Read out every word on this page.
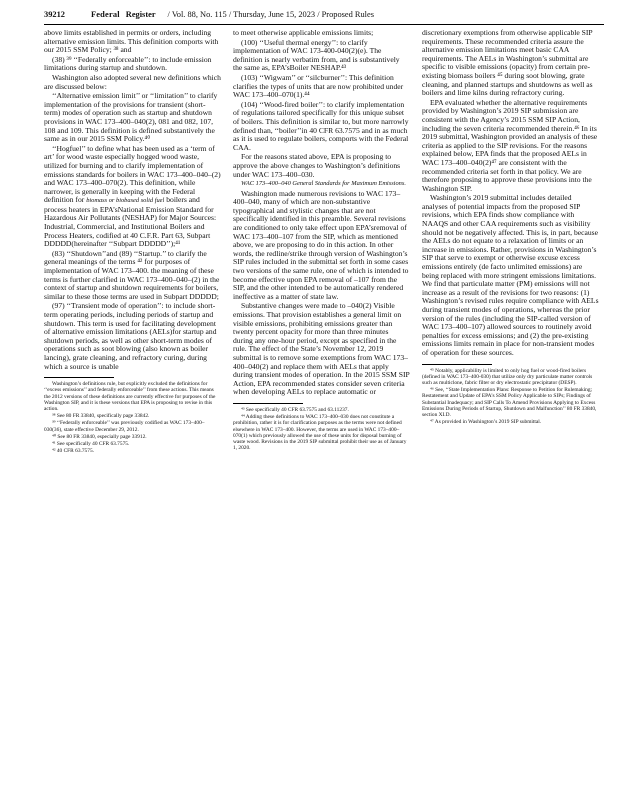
39212	Federal Register / Vol. 88, No. 115 / Thursday, June 15, 2023 / Proposed Rules

above limits established in permits or orders, including alternative emission limits. This definition comports with our 2015 SSM Policy; ³⁸ and

(38) ³⁹ ‘‘Federally enforceable’’: to include emission limitations during startup and shutdown.

Washington also adopted several new definitions which are discussed below:

‘‘Alternative emission limit’’ or ‘‘limitation’’ to clarify implementation of the provisions for transient (short-term) modes of operation such as startup and shutdown provisions in WAC 173–400–040(2), 081 and 082, 107, 108 and 109. This definition is defined substantively the same as in our 2015 SSM Policy.⁴⁰

‘‘Hogfuel’’ to define what has been used as a ‘term of art’ for wood waste especially hogged wood waste, utilized for burning and to clarify implementation of emissions standards for boilers in WAC 173–400–040–(2) and WAC 173–400–070(2). This definition, while narrower, is generally in keeping with the Federal definition for biomass or biobased solid fuel boilers and process heaters in EPA’sNational Emission Standard for Hazardous Air Pollutants (NESHAP) for Major Sources: Industrial, Commercial, and Institutional Boilers and Process Heaters, codified at 40 C.F.R. Part 63, Subpart DDDDD(hereinafter ‘‘Subpart DDDDD’’);⁴¹

(83) ‘‘Shutdown’’and (89) ‘‘Startup.’’ to clarify the general meanings of the terms ⁴² for purposes of implementation of WAC 173–400. the meaning of these terms is further clarified in WAC 173–400–040–(2) in the context of startup and shutdown requirements for boilers, similar to these those terms are used in Subpart DDDDD;

(97) ‘‘Transient mode of operation’’: to include short-term operating periods, including periods of startup and shutdown. This term is used for facilitating development of alternative emission limitations (AELs)for startup and shutdown periods, as well as other short-term modes of operations such as soot blowing (also known as boiler lancing), grate cleaning, and refractory curing, during which a source is unable

Washington’s definitions rule, but explicitly excluded the definitions for ‘‘excess emissions’’ and federally enforceable’’ from these actions. This means the 2012 versions of these definitions are currently effective for purposes of the Washington SIP, and it is these versions that EPA is proposing to revise in this action.

³⁸ See 80 FR 33840, specifically page 33842.

³⁹ ‘‘Federally enforceable’’ was previously codified as WAC 173–400–030(36), state effective December 29, 2012.

⁴⁰ See 80 FR 33840, especially page 33912.

⁴¹ See specifically 40 CFR 63.7575.

⁴² 40 CFR 63.7575.

to meet otherwise applicable emissions limits;

(100) ‘‘Useful thermal energy’’: to clarify implementation of WAC 173-400-040(2)(e). The definition is nearly verbatim from, and is substantively the same as, EPA’sBoiler NESHAP.⁴³

(103) ‘‘Wigwam’’ or ‘‘silcburner’’: This definition clarifies the types of units that are now prohibited under WAC 173–400–070(1).⁴⁴

(104) ‘‘Wood-fired boiler’’: to clarify implementation of regulations tailored specifically for this unique subset of boilers. This definition is similar to, but more narrowly defined than, ‘‘boiler’’in 40 CFR 63.7575 and in as much as it is used to regulate boilers, comports with the Federal CAA.

For the reasons stated above, EPA is proposing to approve the above changes to Washington’s definitions under WAC 173–400–030.

WAC 173–400–040 General Standards for Maximum Emissions.

Washington made numerous revisions to WAC 173–400–040, many of which are non-substantive typographical and stylistic changes that are not specifically identified in this preamble. Several revisions are conditioned to only take effect upon EPA’sremoval of WAC 173–400–107 from the SIP, which as mentioned above, we are proposing to do in this action. In other words, the redline/strike through version of Washington’s SIP rules included in the submittal set forth in some cases two versions of the same rule, one of which is intended to become effective upon EPA removal of –107 from the SIP, and the other intended to be automatically rendered ineffective as a matter of state law.

Substantive changes were made to –040(2) Visible emissions. That provision establishes a general limit on visible emissions, prohibiting emissions greater than twenty percent opacity for more than three minutes during any one-hour period, except as specified in the rule. The effect of the State’s November 12, 2019 submittal is to remove some exemptions from WAC 173–400–040(2) and replace them with AELs that apply during transient modes of operation. In the 2015 SSM SIP Action, EPA recommended states consider seven criteria when developing AELs to replace automatic or

⁴³ See specifically 40 CFR 63.7575 and 63.11237.

⁴⁴ Adding these definitions to WAC 173–400–030 does not constitute a prohibition, rather it is for clarification purposes as the terms were not defined elsewhere in WAC 173–400. However, the terms are used in WAC 173–400–070(1) which previously allowed the use of these units for disposal burning of waste wood. Revisions in the 2019 SIP submittal prohibit their use as of January 1, 2020.

discretionary exemptions from otherwise applicable SIP requirements. These recommended criteria assure the alternative emission limitations meet basic CAA requirements. The AELs in Washington’s submittal are specific to visible emissions (opacity) from certain pre-existing biomass boilers ⁴⁵ during soot blowing, grate cleaning, and planned startups and shutdowns as well as boilers and lime kilns during refractory curing.

EPA evaluated whether the alternative requirements provided by Washington’s 2019 SIP submission are consistent with the Agency’s 2015 SSM SIP Action, including the seven criteria recommended therein.⁴⁶ In its 2019 submittal, Washington provided an analysis of these criteria as applied to the SIP revisions. For the reasons explained below, EPA finds that the proposed AELs in WAC 173–400–040(2)⁴⁷ are consistent with the recommended criteria set forth in that policy. We are therefore proposing to approve these provisions into the Washington SIP.

Washington’s 2019 submittal includes detailed analyses of potential impacts from the proposed SIP revisions, which EPA finds show compliance with NAAQS and other CAA requirements such as visibility should not be negatively affected. This is, in part, because the AELs do not equate to a relaxation of limits or an increase in emissions. Rather, provisions in Washington’s SIP that serve to exempt or otherwise excuse excess emissions entirely (de facto unlimited emissions) are being replaced with more stringent emissions limitations. We find that particulate matter (PM) emissions will not increase as a result of the revisions for two reasons: (1) Washington’s revised rules require compliance with AELs during transient modes of operations, whereas the prior version of the rules (including the SIP-called version of WAC 173–400–107) allowed sources to routinely avoid penalties for excess emissions; and (2) the pre-existing emissions limits remain in place for non-transient modes of operation for these sources.

⁴⁵ Notably, applicability is limited to only hog fuel or wood-fired boilers (defined in WAC 173–400-030) that utilize only dry particulate matter controls such as multiclone, fabric filter or dry electrostatic precipitator (DESP).

⁴⁶ See, ‘‘State Implementation Plans: Response to Petition for Rulemaking; Restatement and Update of EPA’s SSM Policy Applicable to SIPs; Findings of Substantial Inadequacy; and SIP Calls To Amend Provisions Applying to Excess Emissions During Periods of Startup, Shutdown and Malfunction’’ 80 FR 33840, section XI.D.

⁴⁷ As provided in Washington’s 2019 SIP submittal.
